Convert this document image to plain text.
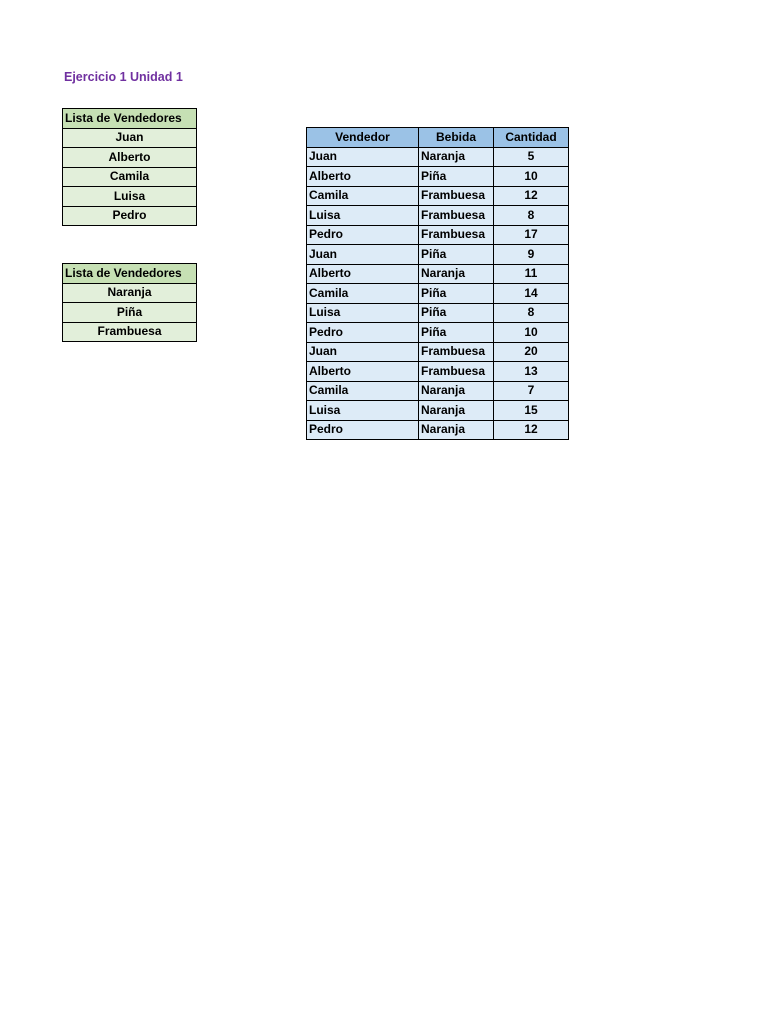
Ejercicio 1 Unidad 1
Lista de Vendedores
Juan
Alberto
Camila
Luisa
Pedro
Lista de Vendedores
Naranja
Piña
Frambuesa
Vendedor	Bebida	Cantidad
Juan	Naranja	5
Alberto	Piña	10
Camila	Frambuesa	12
Luisa	Frambuesa	8
Pedro	Frambuesa	17
Juan	Piña	9
Alberto	Naranja	11
Camila	Piña	14
Luisa	Piña	8
Pedro	Piña	10
Juan	Frambuesa	20
Alberto	Frambuesa	13
Camila	Naranja	7
Luisa	Naranja	15
Pedro	Naranja	12
